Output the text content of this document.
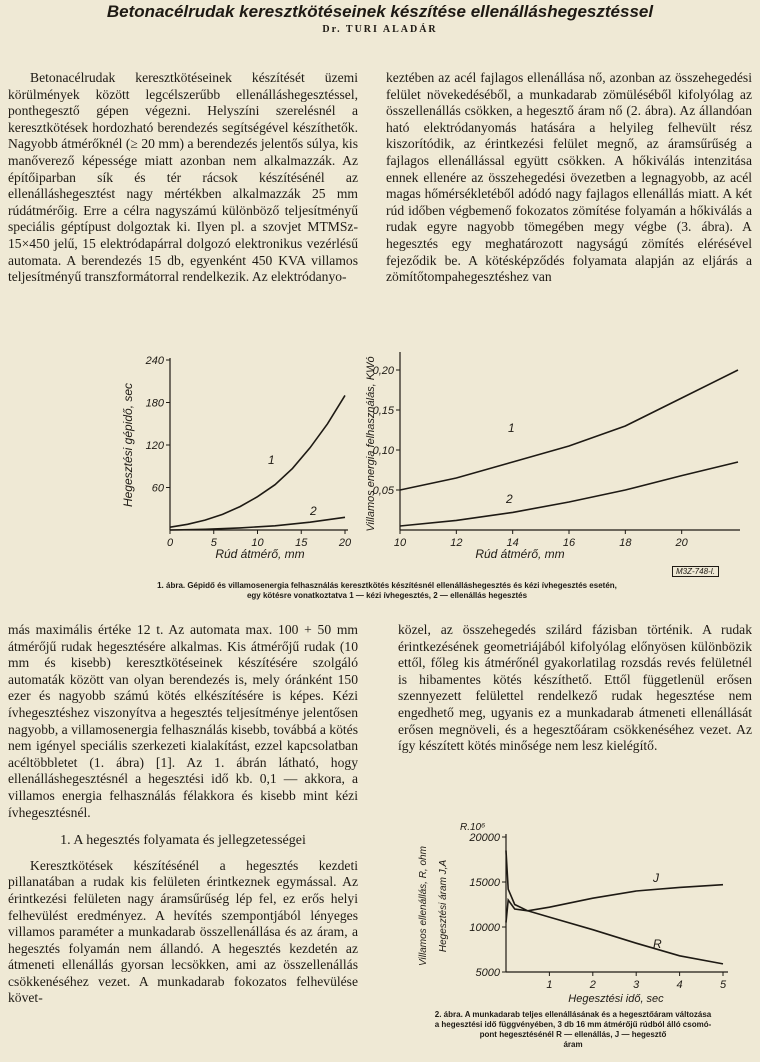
Betonacélrudak keresztkötéseinek készítése ellenálláshegesztéssel
Dr. TURI ALADÁR

Betonacélrudak keresztkötéseinek készítését üzemi körülmények között legcélszerűbb ellenálláshegesztéssel, ponthegesztő gépen végezni. Helyszíni szerelésnél a keresztkötések hordozható berendezés segítségével készíthetők. Nagyobb átmérőknél (≥ 20 mm) a berendezés jelentős súlya, kis manőverező képessége miatt azonban nem alkalmazzák. Az építőiparban sík és tér rácsok készítésénél az ellenálláshegesztést nagy mértékben alkalmazzák 25 mm rúdátmérőig. Erre a célra nagyszámú különböző teljesítményű speciális géptípust dolgoztak ki. Ilyen pl. a szovjet MTMSz-15×450 jelű, 15 elektródapárral dolgozó elektronikus vezérlésű automata. A berendezés 15 db, egyenként 450 KVA villamos teljesítményű transzformátorral rendelkezik. Az elektródanyo-

keztében az acél fajlagos ellenállása nő, azonban az összehegedési felület növekedéséből, a munkadarab zömüléséből kifolyólag az összellenállás csökken, a hegesztő áram nő (2. ábra). Az állandóan ható elektródanyomás hatására a helyileg felhevült rész kiszorítódik, az érintkezési felület megnő, az áramsűrűség a fajlagos ellenállással együtt csökken. A hőkiválás intenzitása ennek ellenére az összehegedési övezetben a legnagyobb, az acél magas hőmérsékletéből adódó nagy fajlagos ellenállás miatt. A két rúd időben végbemenő fokozatos zömítése folyamán a hőkiválás a rudak egyre nagyobb tömegében megy végbe (3. ábra). A hegesztés egy meghatározott nagyságú zömítés elérésével fejeződik be. A kötésképződés folyamata alapján az eljárás a zömítőtompahegesztéshez van

0	5	10	15	20
60
120
180
240
Rúd átmérő, mm
Hegesztési gépidő, sec	1
2
10	12	14	16	18	20
0,05
0,10
0,15
0,20
Rúd átmérő, mm
Villamos energia felhasználás, KWó	1
2
M3Z-748-I.
1. ábra. Gépidő és villamosenergia felhasználás keresztkötés készítésnél ellenálláshegesztés és kézi ívhegesztés esetén,
egy kötésre vonatkoztatva 1 — kézi ívhegesztés, 2 — ellenállás hegesztés

más maximális értéke 12 t. Az automata max. 100 + 50 mm átmérőjű rudak hegesztésére alkalmas. Kis átmérőjű rudak (10 mm és kisebb) keresztkötéseinek készítésére szolgáló automaták között van olyan berendezés is, mely óránként 150 ezer és nagyobb számú kötés elkészítésére is képes. Kézi ívhegesztéshez viszonyítva a hegesztés teljesítménye jelentősen nagyobb, a villamosenergia felhasználás kisebb, továbbá a kötés nem igényel speciális szerkezeti kialakítást, ezzel kapcsolatban acéltöbbletet (1. ábra) [1]. Az 1. ábrán látható, hogy ellenálláshegesztésnél a hegesztési idő kb. 0,1 — akkora, a villamos energia felhasználás félakkora és kisebb mint kézi ívhegesztésnél.

1. A hegesztés folyamata és jellegzetességei

Keresztkötések készítésénél a hegesztés kezdeti pillanatában a rudak kis felületen érintkeznek egymással. Az érintkezési felületen nagy áramsűrűség lép fel, ez erős helyi felhevülést eredményez. A hevítés szempontjából lényeges villamos paraméter a munkadarab összellenállása és az áram, a hegesztés folyamán nem állandó. A hegesztés kezdetén az átmeneti ellenállás gyorsan lecsökken, ami az összellenállás csökkenéséhez vezet. A munkadarab fokozatos felhevülése követ-

közel, az összehegedés szilárd fázisban történik. A rudak érintkezésének geometriájából kifolyólag előnyösen különbözik ettől, főleg kis átmérőnél gyakorlatilag rozsdás revés felületnél is hibamentes kötés készíthető. Ettől függetlenül erősen szennyezett felülettel rendelkező rudak hegesztése nem engedhető meg, ugyanis ez a munkadarab átmeneti ellenállását erősen megnöveli, és a hegesztőáram csökkenéséhez vezet. Az így készített kötés minősége nem lesz kielégítő.

1	2	3	4	5
5000
10000
15000
20000
R.10⁶
Villamos ellenállás, R, ohm Hegesztési áram J,A
Hegesztési idő, sec
J
R
2. ábra. A munkadarab teljes ellenállásának és a hegesztőáram változása
a hegesztési idő függvényében, 3 db 16 mm átmérőjű rúdból álló csomó-
pont hegesztésénél R — ellenállás, J — hegesztő
áram
